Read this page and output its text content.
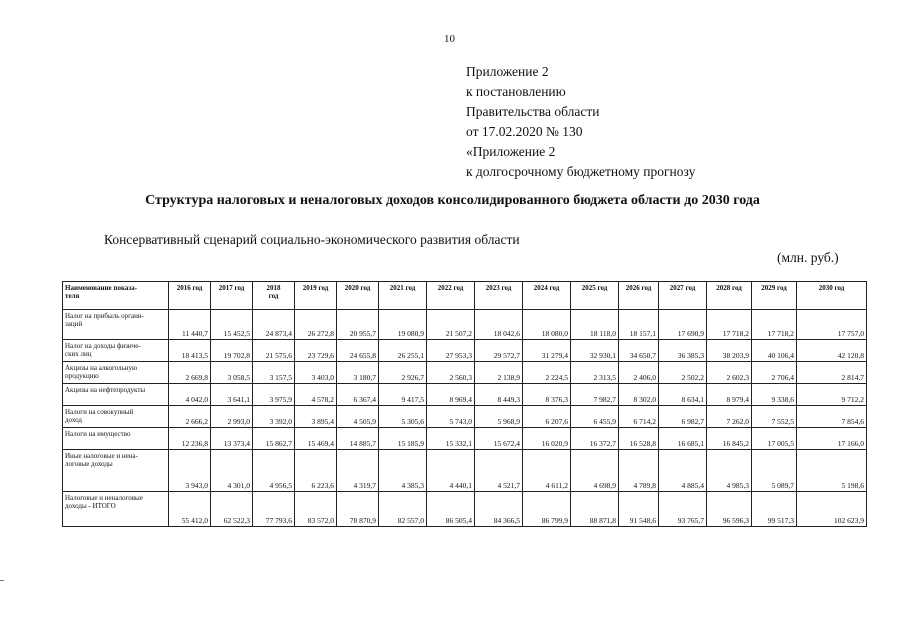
10
Приложение 2
к постановлению
Правительства области
от 17.02.2020 № 130
«Приложение 2
к долгосрочному бюджетному прогнозу
Структура налоговых и неналоговых доходов консолидированного бюджета области до 2030 года
Консервативный сценарий социально-экономического развития области
(млн. руб.)
Наименование показа-
теля	2016 год	2017 год	2018
год	2019 год	2020 год	2021 год	2022 год	2023 год	2024 год	2025 год	2026 год	2027 год	2028 год	2029 год	2030 год
Налог на прибыль органи-
заций	11 440,7	15 452,5	24 873,4	26 272,8	20 955,7	19 080,9	21 507,2	18 042,6	18 080,0	18 118,0	18 157,1	17 690,9	17 718,2	17 718,2	17 757,0
Налог на доходы физиче-
ских лиц	18 413,5	19 702,8	21 575,6	23 729,6	24 655,8	26 255,1	27 953,3	29 572,7	31 279,4	32 930,1	34 650,7	36 385,3	38 203,9	40 106,4	42 120,8
Акцизы на алкогольную
продукцию	2 669,8	3 058,5	3 157,5	3 403,0	3 180,7	2 926,7	2 560,3	2 138,9	2 224,5	2 313,5	2 406,0	2 502,2	2 602,3	2 706,4	2 814,7
Акцизы на нефтепродукты	4 042,0	3 641,1	3 975,9	4 578,2	6 367,4	9 417,5	8 969,4	8 449,3	8 376,3	7 982,7	8 302,0	8 634,1	8 979,4	9 338,6	9 712,2
Налоги на совокупный
доход	2 666,2	2 993,0	3 392,0	3 895,4	4 505,9	5 305,6	5 743,0	5 968,9	6 207,6	6 455,9	6 714,2	6 982,7	7 262,0	7 552,5	7 854,6
Налоги на имущество	12 236,8	13 373,4	15 862,7	15 469,4	14 885,7	15 185,9	15 332,1	15 672,4	16 020,9	16 372,7	16 528,8	16 685,1	16 845,2	17 005,5	17 166,0
Иные налоговые и нена-
логовые доходы	3 943,0	4 301,0	4 956,5	6 223,6	4 319,7	4 385,3	4 440,1	4 521,7	4 611,2	4 698,9	4 789,8	4 885,4	4 985,3	5 089,7	5 198,6
Налоговые и неналоговые
доходы - ИТОГО	55 412,0	62 522,3	77 793,6	83 572,0	78 870,9	82 557,0	86 505,4	84 366,5	86 799,9	88 871,8	91 548,6	93 765,7	96 596,3	99 517,3	102 623,9
